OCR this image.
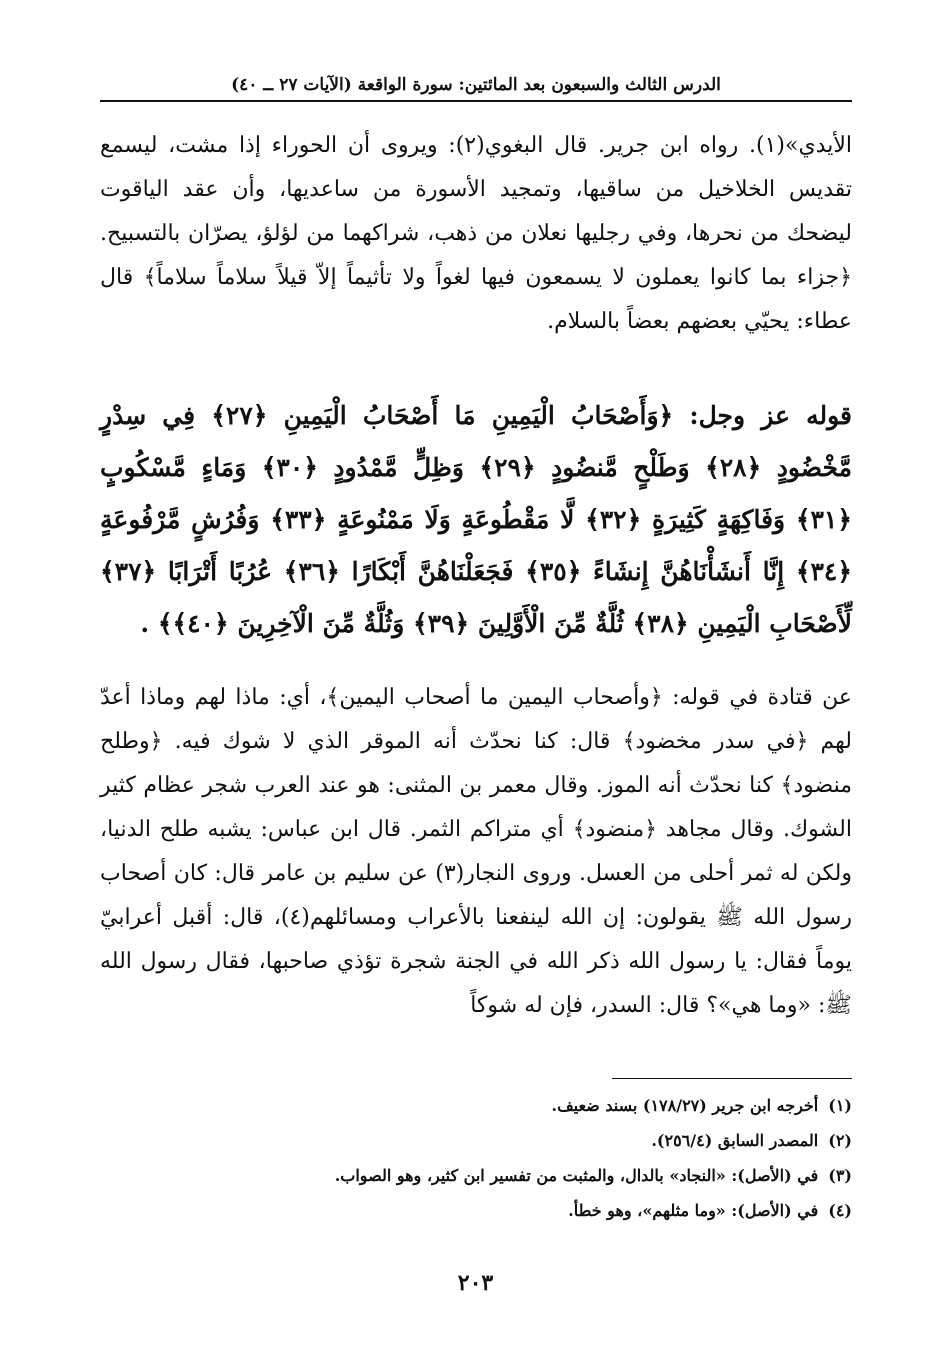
الدرس الثالث والسبعون بعد المائتين: سورة الواقعة (الآيات ٢٧ ــ ٤٠)
الأيدي»(١). رواه ابن جرير. قال البغوي(٢): ويروى أن الحوراء إذا مشت، ليسمع تقديس الخلاخيل من ساقيها، وتمجيد الأسورة من ساعديها، وأن عقد الياقوت ليضحك من نحرها، وفي رجليها نعلان من ذهب، شراكهما من لؤلؤ، يصرّان بالتسبيح. ﴿جزاء بما كانوا يعملون لا يسمعون فيها لغواً ولا تأثيماً إلاّ قيلاً سلاماً سلاماً﴾ قال عطاء: يحيّي بعضهم بعضاً بالسلام.
قوله عز وجل: ﴿وَأَصْحَابُ الْيَمِينِ مَا أَصْحَابُ الْيَمِينِ ﴿٢٧﴾ فِي سِدْرٍ مَّخْضُودٍ ﴿٢٨﴾ وَطَلْحٍ مَّنضُودٍ ﴿٢٩﴾ وَظِلٍّ مَّمْدُودٍ ﴿٣٠﴾ وَمَاءٍ مَّسْكُوبٍ ﴿٣١﴾ وَفَاكِهَةٍ كَثِيرَةٍ ﴿٣٢﴾ لَّا مَقْطُوعَةٍ وَلَا مَمْنُوعَةٍ ﴿٣٣﴾ وَفُرُشٍ مَّرْفُوعَةٍ ﴿٣٤﴾ إِنَّا أَنشَأْنَاهُنَّ إِنشَاءً ﴿٣٥﴾ فَجَعَلْنَاهُنَّ أَبْكَارًا ﴿٣٦﴾ عُرُبًا أَتْرَابًا ﴿٣٧﴾ لِّأَصْحَابِ الْيَمِينِ ﴿٣٨﴾ ثُلَّةٌ مِّنَ الْأَوَّلِينَ ﴿٣٩﴾ وَثُلَّةٌ مِّنَ الْآخِرِينَ ﴿٤٠﴾﴾ .
عن قتادة في قوله: ﴿وأصحاب اليمين ما أصحاب اليمين﴾، أي: ماذا لهم وماذا أعدّ لهم ﴿في سدر مخضود﴾ قال: كنا نحدّث أنه الموقر الذي لا شوك فيه. ﴿وطلح منضود﴾ كنا نحدّث أنه الموز. وقال معمر بن المثنى: هو عند العرب شجر عظام كثير الشوك. وقال مجاهد ﴿منضود﴾ أي متراكم الثمر. قال ابن عباس: يشبه طلح الدنيا، ولكن له ثمر أحلى من العسل. وروى النجار(٣) عن سليم بن عامر قال: كان أصحاب رسول الله ﷺ يقولون: إن الله لينفعنا بالأعراب ومسائلهم(٤)، قال: أقبل أعرابيّ يوماً فقال: يا رسول الله ذكر الله في الجنة شجرة تؤذي صاحبها، فقال رسول الله ﷺ: «وما هي»؟ قال: السدر، فإن له شوكاً
(١)أخرجه ابن جرير (١٧٨/٢٧) بسند ضعيف.
(٢)المصدر السابق (٢٥٦/٤).
(٣)في (الأصل): «النجاد» بالدال، والمثبت من تفسير ابن كثير، وهو الصواب.
(٤)في (الأصل): «وما مثلهم»، وهو خطأ.
٢٠٣
